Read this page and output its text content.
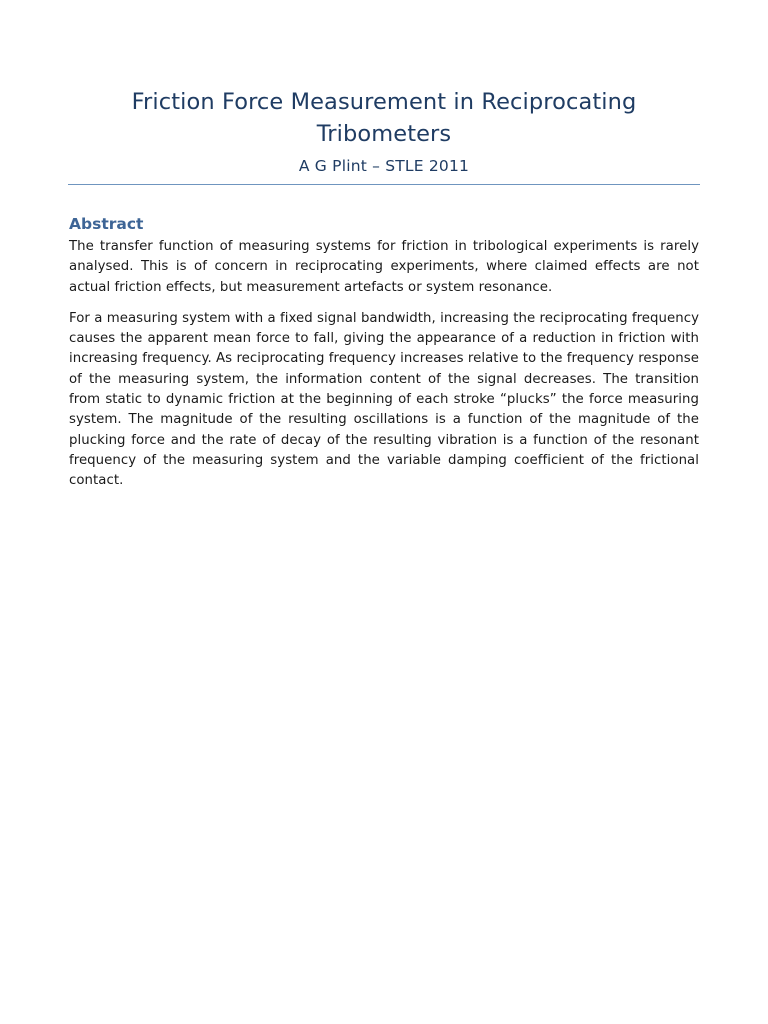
Friction Force Measurement in Reciprocating Tribometers
A G Plint – STLE 2011
Abstract

The transfer function of measuring systems for friction in tribological experiments is rarely analysed. This is of concern in reciprocating experiments, where claimed effects are not actual friction effects, but measurement artefacts or system resonance.

For a measuring system with a fixed signal bandwidth, increasing the reciprocating frequency causes the apparent mean force to fall, giving the appearance of a reduction in friction with increasing frequency. As reciprocating frequency increases relative to the frequency response of the measuring system, the information content of the signal decreases. The transition from static to dynamic friction at the beginning of each stroke “plucks” the force measuring system. The magnitude of the resulting oscillations is a function of the magnitude of the plucking force and the rate of decay of the resulting vibration is a function of the resonant frequency of the measuring system and the variable damping coefficient of the frictional contact.
